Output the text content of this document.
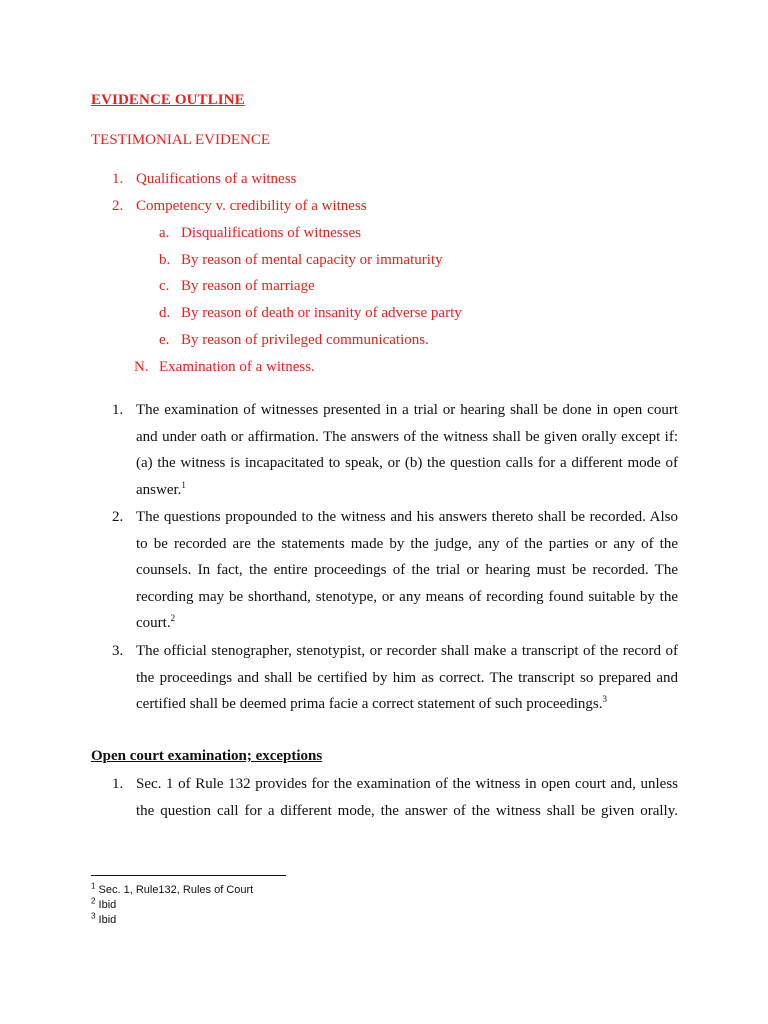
EVIDENCE OUTLINE
TESTIMONIAL EVIDENCE
1. Qualifications of a witness
2. Competency v. credibility of a witness
a. Disqualifications of witnesses
b. By reason of mental capacity or immaturity
c. By reason of marriage
d. By reason of death or insanity of adverse party
e. By reason of privileged communications.
N. Examination of a witness.
1. The examination of witnesses presented in a trial or hearing shall be done in open court and under oath or affirmation. The answers of the witness shall be given orally except if: (a) the witness is incapacitated to speak, or (b) the question calls for a different mode of answer.$^1$
2. The questions propounded to the witness and his answers thereto shall be recorded. Also to be recorded are the statements made by the judge, any of the parties or any of the counsels. In fact, the entire proceedings of the trial or hearing must be recorded. The recording may be shorthand, stenotype, or any means of recording found suitable by the court.$^2$
3. The official stenographer, stenotypist, or recorder shall make a transcript of the record of the proceedings and shall be certified by him as correct. The transcript so prepared and certified shall be deemed prima facie a correct statement of such proceedings.$^3$
Open court examination; exceptions
1. Sec. 1 of Rule 132 provides for the examination of the witness in open court and, unless the question call for a different mode, the answer of the witness shall be given orally.
$^1$ Sec. 1, Rule132, Rules of Court
$^2$ Ibid
$^3$ Ibid
